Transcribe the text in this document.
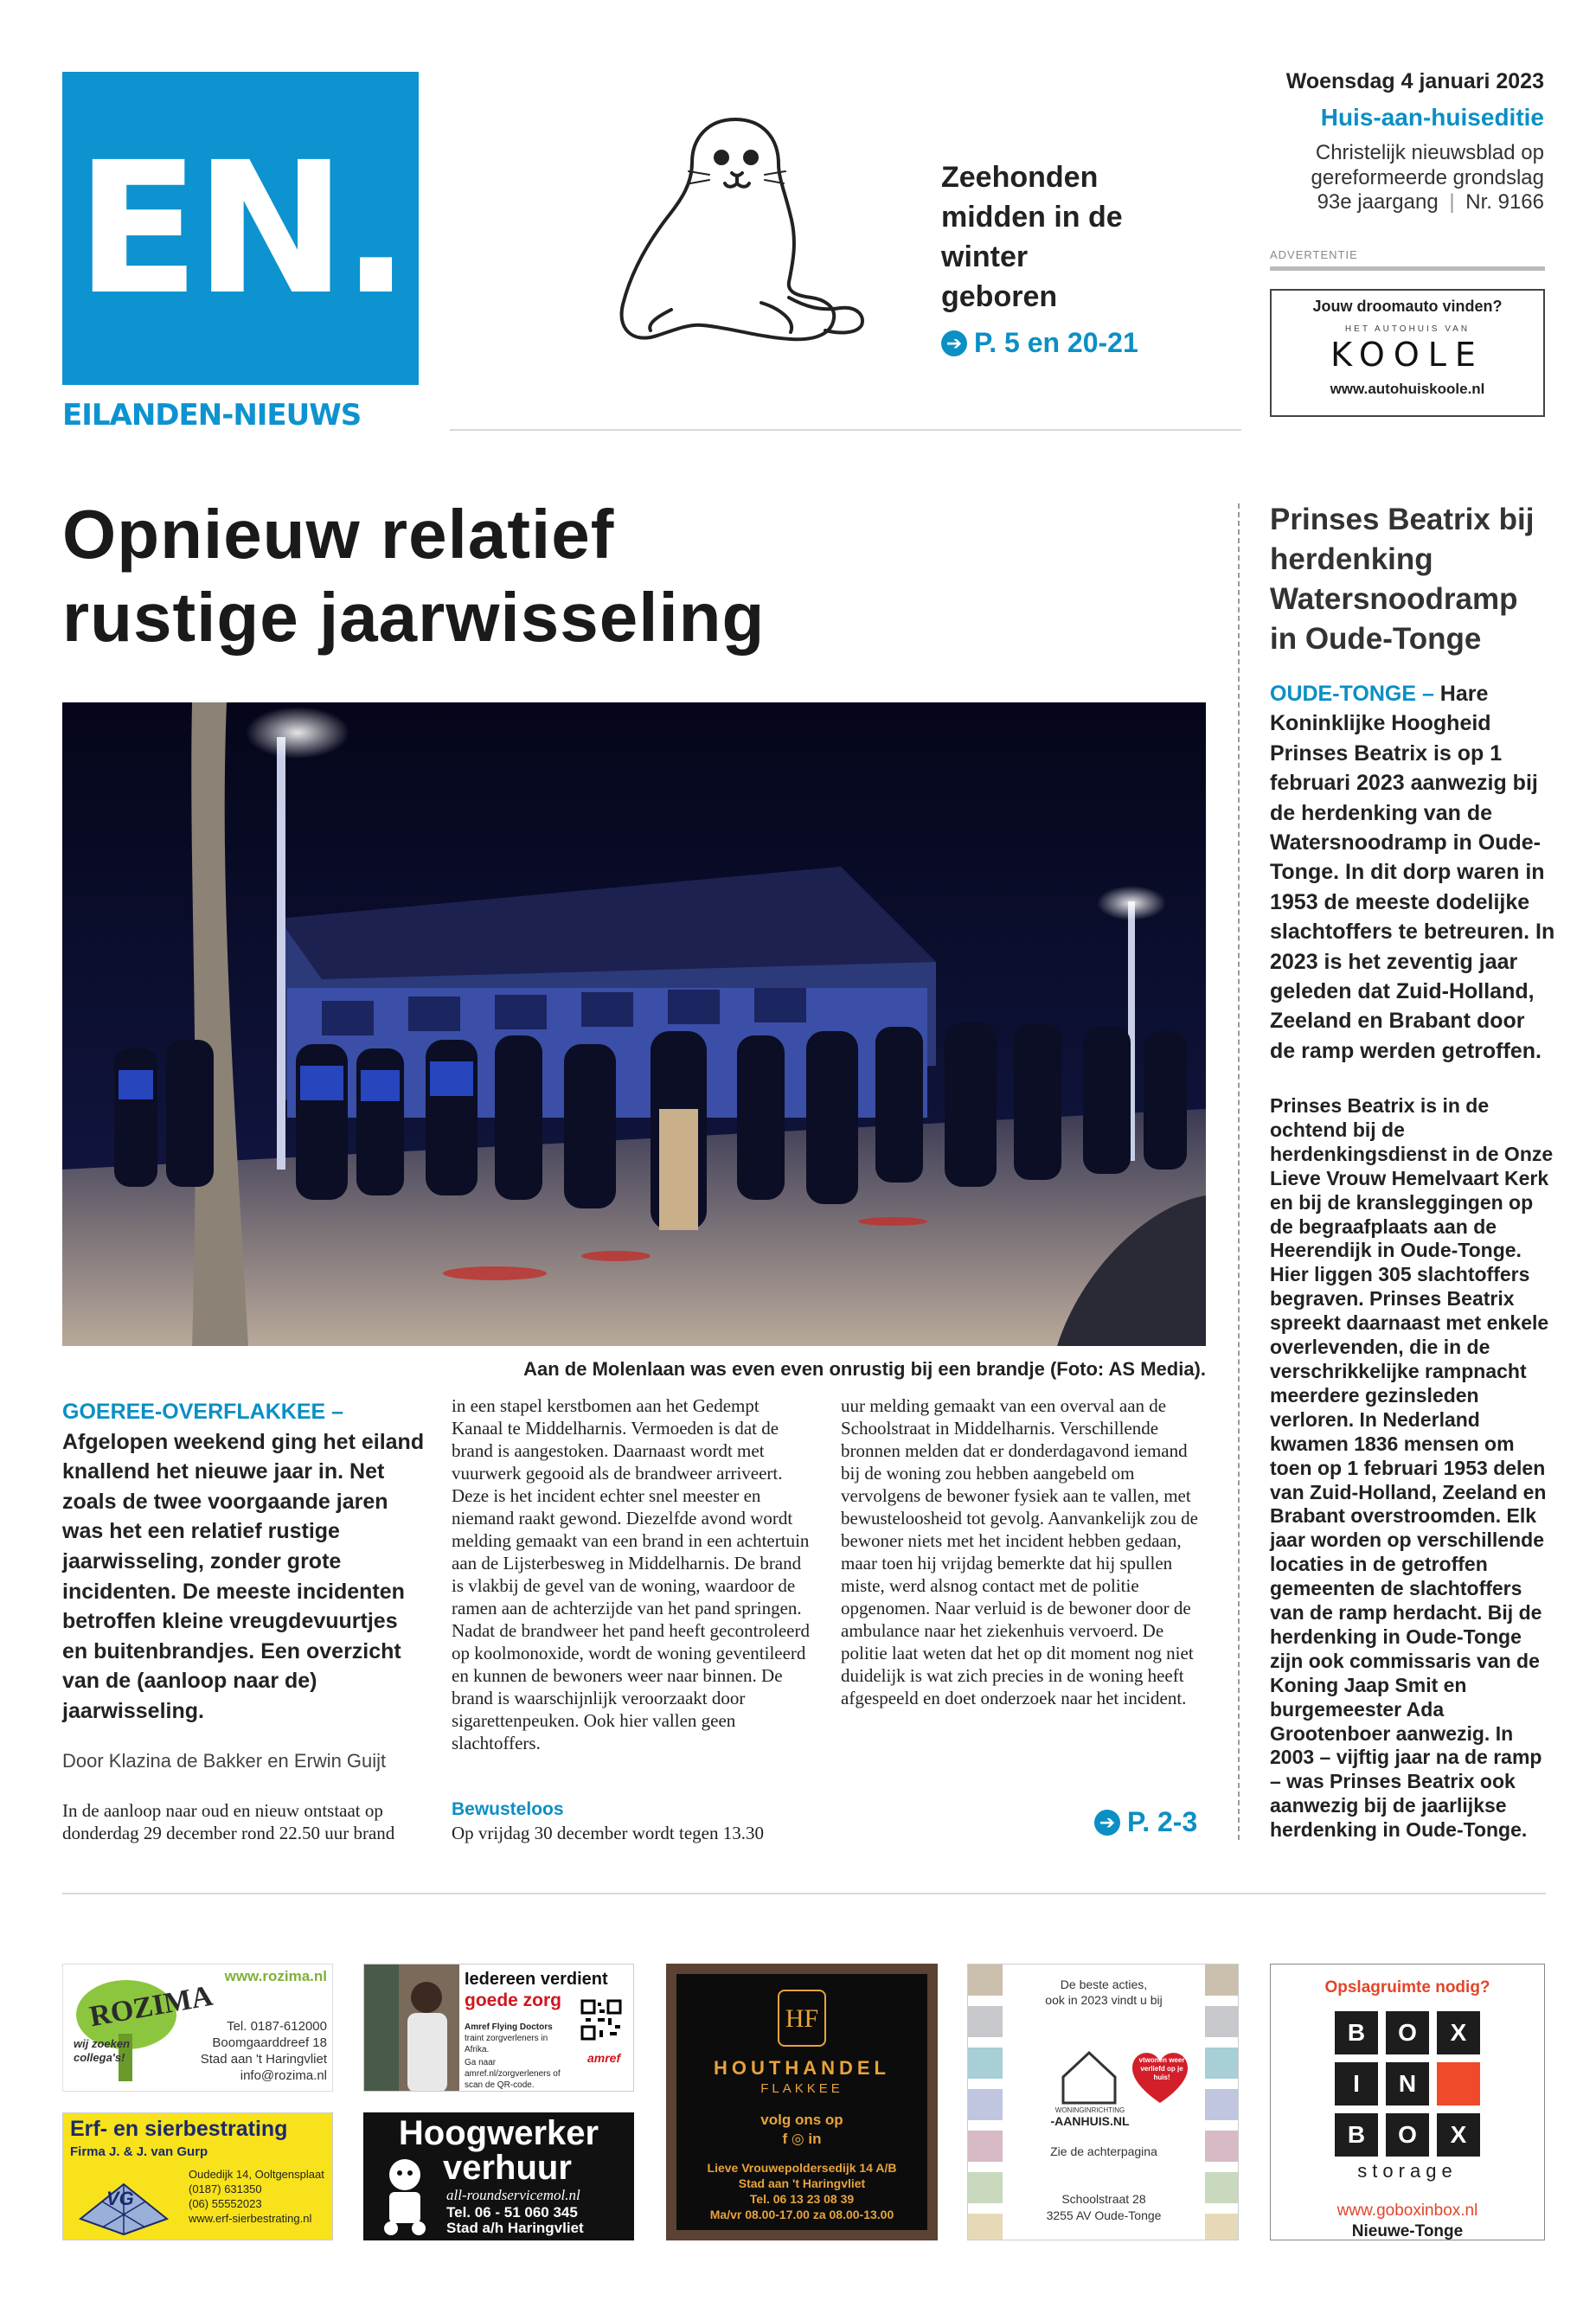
EN.
EILANDEN-NIEUWS
Zeehonden midden in de winter geboren
➔ P. 5 en 20-21
Woensdag 4 januari 2023
Huis-aan-huiseditie
Christelijk nieuwsblad op gereformeerde grondslag
93e jaargang | Nr. 9166
ADVERTENTIE
Jouw droomauto vinden?
HET AUTOHUIS VAN
KOOLE
www.autohuiskoole.nl
Opnieuw relatief rustige jaarwisseling
Aan de Molenlaan was even even onrustig bij een brandje (Foto: AS Media).
GOEREE-OVERFLAKKEE – Afgelopen weekend ging het eiland knallend het nieuwe jaar in. Net zoals de twee voorgaande jaren was het een relatief rustige jaarwisseling, zonder grote incidenten. De meeste incidenten betroffen kleine vreugdevuurtjes en buitenbrandjes. Een overzicht van de (aanloop naar de) jaarwisseling.
Door Klazina de Bakker en Erwin Guijt
In de aanloop naar oud en nieuw ontstaat op donderdag 29 december rond 22.50 uur brand
in een stapel kerstbomen aan het Gedempt Kanaal te Middelharnis. Vermoeden is dat de brand is aangestoken. Daarnaast wordt met vuurwerk gegooid als de brandweer arriveert. Deze is het incident echter snel meester en niemand raakt gewond. Diezelfde avond wordt melding gemaakt van een brand in een achtertuin aan de Lijsterbesweg in Middelharnis. De brand is vlakbij de gevel van de woning, waardoor de ramen aan de achterzijde van het pand springen. Nadat de brandweer het pand heeft gecontroleerd op koolmonoxide, wordt de woning geventileerd en kunnen de bewoners weer naar binnen. De brand is waarschijnlijk veroorzaakt door sigarettenpeuken. Ook hier vallen geen slachtoffers.
Bewusteloos
Op vrijdag 30 december wordt tegen 13.30
uur melding gemaakt van een overval aan de Schoolstraat in Middelharnis. Verschillende bronnen melden dat er donderdagavond iemand bij de woning zou hebben aangebeld om vervolgens de bewoner fysiek aan te vallen, met bewusteloosheid tot gevolg. Aanvankelijk zou de bewoner niets met het incident hebben gedaan, maar toen hij vrijdag bemerkte dat hij spullen miste, werd alsnog contact met de politie opgenomen. Naar verluid is de bewoner door de ambulance naar het ziekenhuis vervoerd. De politie laat weten dat het op dit moment nog niet duidelijk is wat zich precies in de woning heeft afgespeeld en doet onderzoek naar het incident.
➔ P. 2-3
Prinses Beatrix bij herdenking Watersnoodramp in Oude-Tonge
OUDE-TONGE – Hare Koninklijke Hoogheid Prinses Beatrix is op 1 februari 2023 aanwezig bij de herdenking van de Watersnoodramp in Oude-Tonge. In dit dorp waren in 1953 de meeste dodelijke slachtoffers te betreuren. In 2023 is het zeventig jaar geleden dat Zuid-Holland, Zeeland en Brabant door de ramp werden getroffen.
Prinses Beatrix is in de ochtend bij de herdenkingsdienst in de Onze Lieve Vrouw Hemelvaart Kerk en bij de kransleggingen op de begraafplaats aan de Heerendijk in Oude-Tonge. Hier liggen 305 slachtoffers begraven. Prinses Beatrix spreekt daarnaast met enkele overlevenden, die in de verschrikkelijke rampnacht meerdere gezinsleden verloren. In Nederland kwamen 1836 mensen om toen op 1 februari 1953 delen van Zuid-Holland, Zeeland en Brabant overstroomden. Elk jaar worden op verschillende locaties in de getroffen gemeenten de slachtoffers van de ramp herdacht. Bij de herdenking in Oude-Tonge zijn ook commissaris van de Koning Jaap Smit en burgemeester Ada Grootenboer aanwezig. In 2003 – vijftig jaar na de ramp – was Prinses Beatrix ook aanwezig bij de jaarlijkse herdenking in Oude-Tonge.
www.rozima.nl
ROZIMA
wij zoeken collega's!
Tel. 0187-612000
Boomgaarddreef 18
Stad aan 't Haringvliet
info@rozima.nl
Erf- en sierbestrating
Firma J. & J. van Gurp
VG
Oudedijk 14, Ooltgensplaat
(0187) 631350
(06) 55552023
www.erf-sierbestrating.nl
Iedereen verdient
goede zorg
Amref Flying Doctors traint zorgverleners in Afrika.
Ga naar amref.nl/zorgverleners of scan de QR-code.
amref
Hoogwerker
verhuur
all-roundservicemol.nl
Tel. 06 - 51 060 345
Stad a/h Haringvliet
HF
HOUTHANDEL
FLAKKEE
volg ons op
f ◎ in
Lieve Vrouwepoldersedijk 14 A/B
Stad aan 't Haringvliet
Tel. 06 13 23 08 39
Ma/vr 08.00-17.00 za 08.00-13.00
De beste acties,
ook in 2023 vindt u bij
vtwonen weer verliefd op je huis!
WONINGINRICHTING
-AANHUIS.NL
Zie de achterpagina
Schoolstraat 28
3255 AV Oude-Tonge
Opslagruimte nodig?
B	O	X
I	N
B	O	X
storage
www.goboxinbox.nl
Nieuwe-Tonge
